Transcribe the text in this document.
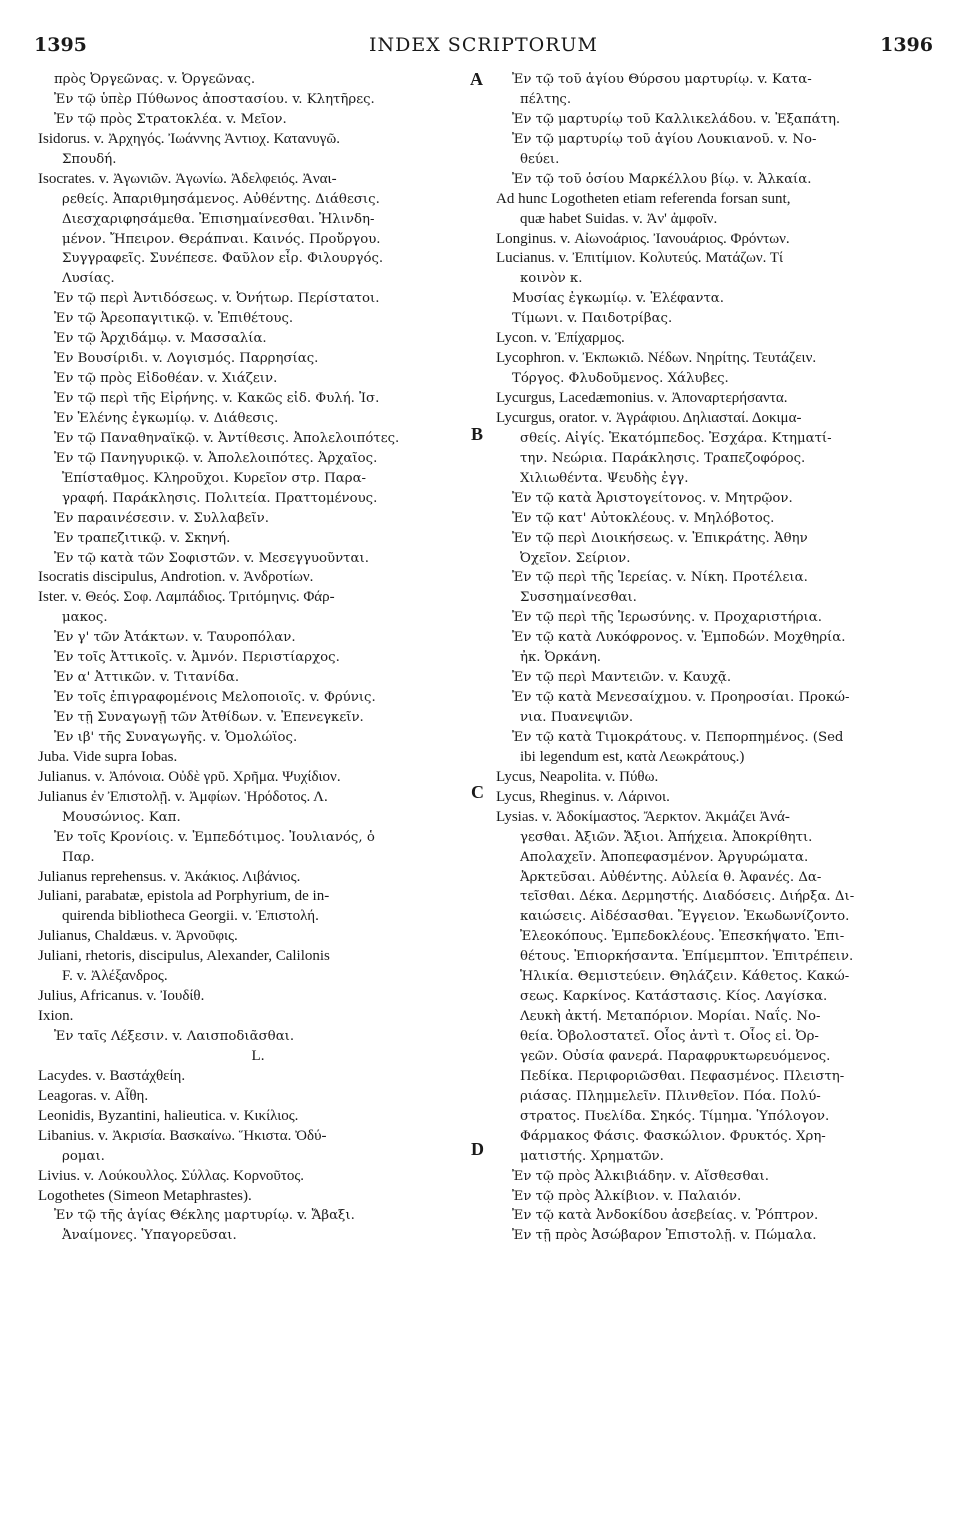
1395	INDEX SCRIPTORUM	1396
A
B
C
D
πρὸς Ὀργεῶνας. v. Ὀργεῶνας.
Ἐν τῷ ὑπὲρ Πύθωνος ἀποστασίου. v. Κλητῆρες.
Ἐν τῷ πρὸς Στρατοκλέα. v. Μεῖον.
Isidorus. v. Ἀρχηγός. Ἰωάννης Ἀντιοχ. Κατανυγῶ.
Σπουδή.
Isocrates. v. Ἀγωνιῶν. Ἀγωνίω. Ἀδελφειός. Ἀναι-
ρεθείς. Ἀπαριθμησάμενος. Αὐθέντης. Διάθεσις.
Διεσχαριφησάμεθα. Ἐπισημαίνεσθαι. Ἠλινδη-
μένον. Ἤπειρον. Θεράπναι. Καινός. Προὔργου.
Συγγραφεῖς. Συνέπεσε. Φαῦλον εἶρ. Φιλουργός.
Λυσίας.
Ἐν τῷ περὶ Ἀντιδόσεως. v. Ὀνήτωρ. Περίστατοι.
Ἐν τῷ Ἀρεοπαγιτικῷ. v. Ἐπιθέτους.
Ἐν τῷ Ἀρχιδάμῳ. v. Μασσαλία.
Ἐν Βουσίριδι. v. Λογισμός. Παρρησίας.
Ἐν τῷ πρὸς Εἰδοθέαν. v. Χιάζειν.
Ἐν τῷ περὶ τῆς Εἰρήνης. v. Κακῶς εἰδ. Φυλή. Ἰσ.
Ἐν Ἑλένης ἐγκωμίῳ. v. Διάθεσις.
Ἐν τῷ Παναθηναϊκῷ. v. Ἀντίθεσις. Ἀπολελοιπότες.
Ἐν τῷ Πανηγυρικῷ. v. Ἀπολελοιπότες. Ἀρχαῖος.
Ἐπίσταθμος. Κληροῦχοι. Κυρεῖον στρ. Παρα-
γραφή. Παράκλησις. Πολιτεία. Πραττομένους.
Ἐν παραινέσεσιν. v. Συλλαβεῖν.
Ἐν τραπεζιτικῷ. v. Σκηνή.
Ἐν τῷ κατὰ τῶν Σοφιστῶν. v. Μεσεγγυοῦνται.
Isocratis discipulus, Androtion. v. Ἀνδροτίων.
Ister. v. Θεός. Σοφ. Λαμπάδιος. Τριτόμηνις. Φάρ-
μακος.
Ἐν γ' τῶν Ἀτάκτων. v. Ταυροπόλαν.
Ἐν τοῖς Ἀττικοῖς. v. Ἀμνόν. Περιστίαρχος.
Ἐν α' Ἀττικῶν. v. Τιτανίδα.
Ἐν τοῖς ἐπιγραφομένοις Μελοποιοῖς. v. Φρύνις.
Ἐν τῇ Συναγωγῇ τῶν Ἀτθίδων. v. Ἐπενεγκεῖν.
Ἐν ιβ' τῆς Συναγωγῆς. v. Ὁμολώϊος.
Juba. Vide supra Iobas.
Julianus. v. Ἀπόνοια. Οὐδὲ γρῦ. Χρῆμα. Ψυχίδιον.
Julianus ἐν Ἐπιστολῇ. v. Ἀμφίων. Ἡρόδοτος. Λ.
Μουσώνιος. Καπ.
Ἐν τοῖς Κρονίοις. v. Ἐμπεδότιμος. Ἰουλιανός, ὁ
Παρ.
Julianus reprehensus. v. Ἀκάκιος. Λιβάνιος.
Juliani, parabatæ, epistola ad Porphyrium, de in-
quirenda bibliotheca Georgii. v. Ἐπιστολή.
Julianus, Chaldæus. v. Ἀρνοῦφις.
Juliani, rhetoris, discipulus, Alexander, Calilonis
F. v. Ἀλέξανδρος.
Julius, Africanus. v. Ἰουδίθ.
Ixion.
Ἐν ταῖς Λέξεσιν. v. Λαισποδιᾶσθαι.
L.
Lacydes. v. Βαστάχθείη.
Leagoras. v. Αἶθη.
Leonidis, Byzantini, halieutica. v. Κικίλιος.
Libanius. v. Ἀκρισία. Βασκαίνω. Ἥκιστα. Ὀδύ-
ρομαι.
Livius. v. Λούκουλλος. Σύλλας. Κορνοῦτος.
Logothetes (Simeon Metaphrastes).
Ἐν τῷ τῆς ἁγίας Θέκλης μαρτυρίῳ. v. Ἄβαξι.
Ἀναίμονες. Ὑπαγορεῦσαι.
Ἐν τῷ τοῦ ἁγίου Θύρσου μαρτυρίῳ. v. Κατα-
πέλτης.
Ἐν τῷ μαρτυρίῳ τοῦ Καλλικελάδου. v. Ἐξαπάτη.
Ἐν τῷ μαρτυρίῳ τοῦ ἁγίου Λουκιανοῦ. v. Νο-
θεύει.
Ἐν τῷ τοῦ ὁσίου Μαρκέλλου βίῳ. v. Ἀλκαία.
Ad hunc Logotheten etiam referenda forsan sunt,
quæ habet Suidas. v. Ἀν' ἀμφοῖν.
Longinus. v. Αἰωνοάριος. Ἰανουάριος. Φρόντων.
Lucianus. v. Ἐπιτίμιον. Κολυτεύς. Ματάζων. Τί
κοινὸν κ.
Μυσίας ἐγκωμίῳ. v. Ἐλέφαντα.
Τίμωνι. v. Παιδοτρίβας.
Lycon. v. Ἐπίχαρμος.
Lycophron. v. Ἐκπωκιῶ. Νέδων. Νηρίτης. Τευτάζειν.
Τόργος. Φλυδοῦμενος. Χάλυβες.
Lycurgus, Lacedæmonius. v. Ἀποναρτερήσαντα.
Lycurgus, orator. v. Ἀγράφιου. Δηλιασταί. Δοκιμα-
σθείς. Αἰγίς. Ἑκατόμπεδος. Ἐσχάρα. Κτηματί-
την. Νεώρια. Παράκλησις. Τραπεζοφόρος.
Χιλιωθέντα. Ψευδὴς ἐγγ.
Ἐν τῷ κατὰ Ἀριστογείτονος. v. Μητρῷον.
Ἐν τῷ κατ' Αὐτοκλέους. v. Μηλόβοτος.
Ἐν τῷ περὶ Διοικήσεως. v. Ἐπικράτης. Ἀθην
Ὀχεῖον. Σείριον.
Ἐν τῷ περὶ τῆς Ἱερείας. v. Νίκη. Προτέλεια.
Συσσημαίνεσθαι.
Ἐν τῷ περὶ τῆς Ἱερωσύνης. v. Προχαριστήρια.
Ἐν τῷ κατὰ Λυκόφρονος. v. Ἐμποδών. Μοχθηρία.
ἠκ. Ὀρκάνη.
Ἐν τῷ περὶ Μαντειῶν. v. Καυχᾷ.
Ἐν τῷ κατὰ Μενεσαίχμου. v. Προηροσίαι. Προκώ-
νια. Πυανεψιῶν.
Ἐν τῷ κατὰ Τιμοκράτους. v. Πεπορπημένος. (Sed
ibi legendum est, κατὰ Λεωκράτους.)
Lycus, Neapolita. v. Πύθω.
Lycus, Rheginus. v. Λάρινοι.
Lysias. v. Ἀδοκίμαστος. Ἄερκτον. Ἀκμάζει Ἀνά-
γεσθαι. Ἀξιῶν. Ἄξιοι. Ἀπήχεια. Ἀποκρίθητι.
Απολαχεῖν. Ἀποπεφασμένον. Ἀργυρώματα.
Ἀρκτεῦσαι. Αὐθέντης. Αὐλεία θ. Ἀφανές. Δα-
τεῖσθαι. Δέκα. Δερμηστής. Διαδόσεις. Διήρξα. Δι-
καιώσεις. Αἰδέσασθαι. Ἔγγειον. Ἐκωδωνίζοντο.
Ἐλεοκόπους. Ἐμπεδοκλέους. Ἐπεσκήψατο. Ἐπι-
θέτους. Ἐπιορκήσαντα. Ἐπίμεμπτον. Ἐπιτρέπειν.
Ἡλικία. Θεμιστεύειν. Θηλάζειν. Κάθετος. Κακώ-
σεως. Καρκίνος. Κατάστασις. Κίος. Λαγίσκα.
Λευκὴ ἀκτή. Μεταπόριον. Μορίαι. Ναΐς. Νο-
θεία. Ὀβολοστατεῖ. Οἷος ἀντὶ τ. Οἷος εἰ. Ὀρ-
γεῶν. Οὐσία φανερά. Παραφρυκτωρευόμενος.
Πεδίκα. Περιφοριῶσθαι. Πεφασμένος. Πλειστη-
ριάσας. Πλημμελεῖν. Πλινθεῖον. Πόα. Πολύ-
στρατος. Πυελίδα. Σηκός. Τίμημα. Ὑπόλογον.
Φάρμακος Φάσις. Φασκώλιον. Φρυκτός. Χρη-
ματιστής. Χρηματῶν.
Ἐν τῷ πρὸς Ἀλκιβιάδην. v. Αἴσθεσθαι.
Ἐν τῷ πρὸς Ἀλκίβιον. v. Παλαιόν.
Ἐν τῷ κατὰ Ἀνδοκίδου ἀσεβείας. v. Ῥόπτρον.
Ἐν τῇ πρὸς Ἀσώβαρον Ἐπιστολῇ. v. Πώμαλα.
